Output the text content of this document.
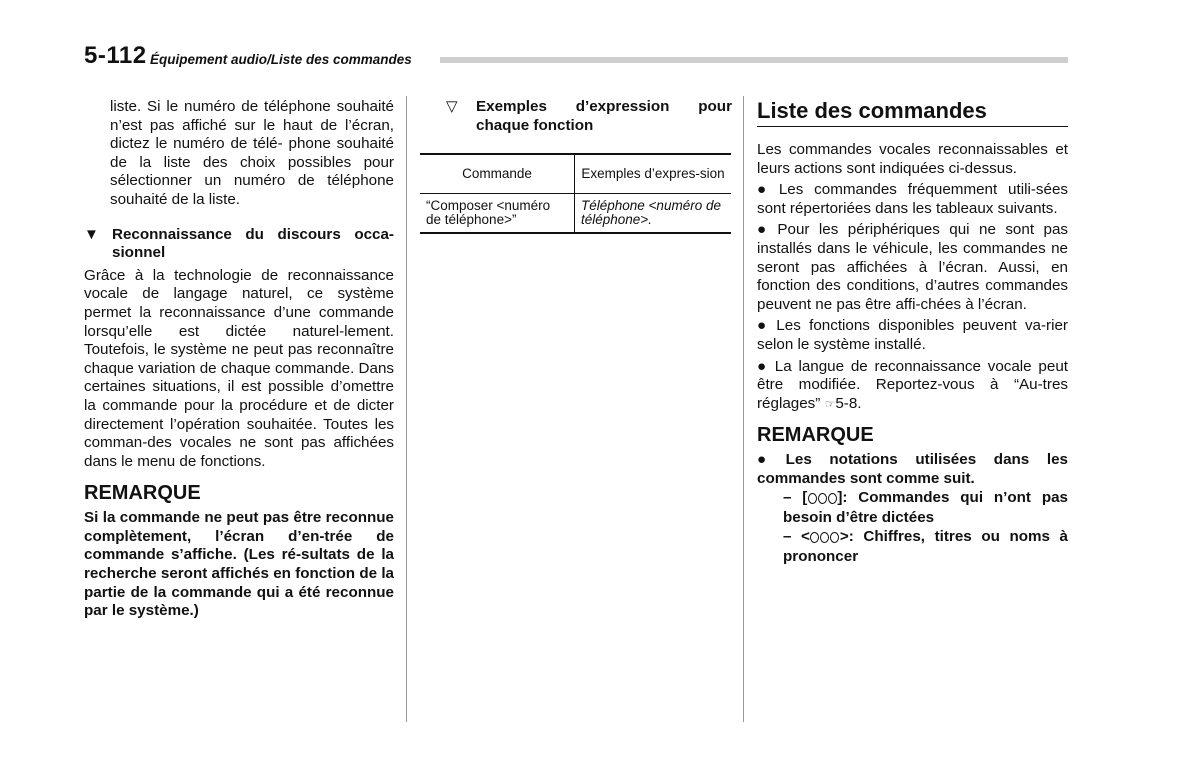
5-112 Équipement audio/Liste des commandes

liste. Si le numéro de téléphone souhaité n’est pas affiché sur le haut de l’écran, dictez le numéro de télé- phone souhaité de la liste des choix possibles pour sélectionner un numéro de téléphone souhaité de la liste.

▼ Reconnaissance du discours occa-sionnel

Grâce à la technologie de reconnaissance vocale de langage naturel, ce système permet la reconnaissance d’une commande lorsqu’elle est dictée naturel-lement. Toutefois, le système ne peut pas reconnaître chaque variation de chaque commande. Dans certaines situations, il est possible d’omettre la commande pour la procédure et de dicter directement l’opération souhaitée. Toutes les comman-des vocales ne sont pas affichées dans le menu de fonctions.

REMARQUE

Si la commande ne peut pas être reconnue complètement, l’écran d’en-trée de commande s’affiche. (Les ré-sultats de la recherche seront affichés en fonction de la partie de la commande qui a été reconnue par le système.)

▽ Exemples d’expression pour chaque fonction
Commande	Exemples d’expres-sion
“Composer <numéro de téléphone>”	Téléphone <numéro de téléphone>.
Liste des commandes

Les commandes vocales reconnaissables et leurs actions sont indiquées ci-dessus.

● Les commandes fréquemment utili-sées sont répertoriées dans les tableaux suivants.

● Pour les périphériques qui ne sont pas installés dans le véhicule, les commandes ne seront pas affichées à l’écran. Aussi, en fonction des conditions, d’autres commandes peuvent ne pas être affi-chées à l’écran.

● Les fonctions disponibles peuvent va-rier selon le système installé.

● La langue de reconnaissance vocale peut être modifiée. Reportez-vous à “Au-tres réglages” ☞5-8.

REMARQUE

● Les notations utilisées dans les commandes sont comme suit.

– [ ]: Commandes qui n’ont pas besoin d’être dictées

– < >: Chiffres, titres ou noms à prononcer
